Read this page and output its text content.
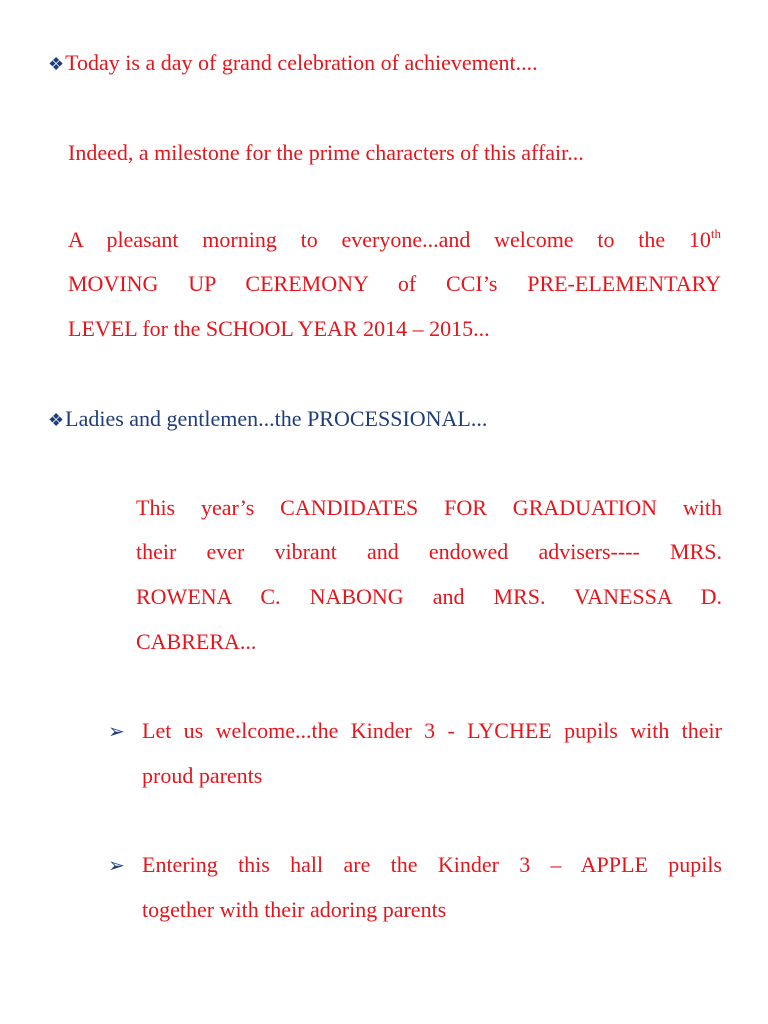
❖Today is a day of grand celebration of achievement....
Indeed, a milestone for the prime characters of this affair...
A pleasant morning to everyone...and welcome to the 10th
MOVING UP CEREMONY of CCI’s PRE-ELEMENTARY
LEVEL for the SCHOOL YEAR 2014 – 2015...
❖Ladies and gentlemen...the PROCESSIONAL...
This year’s CANDIDATES FOR GRADUATION with
their ever vibrant and endowed advisers---- MRS.
ROWENA C. NABONG and MRS. VANESSA D.
CABRERA...
➢ Let us welcome...the Kinder 3 - LYCHEE pupils with their
proud parents
➢ Entering this hall are the Kinder 3 – APPLE pupils
together with their adoring parents
